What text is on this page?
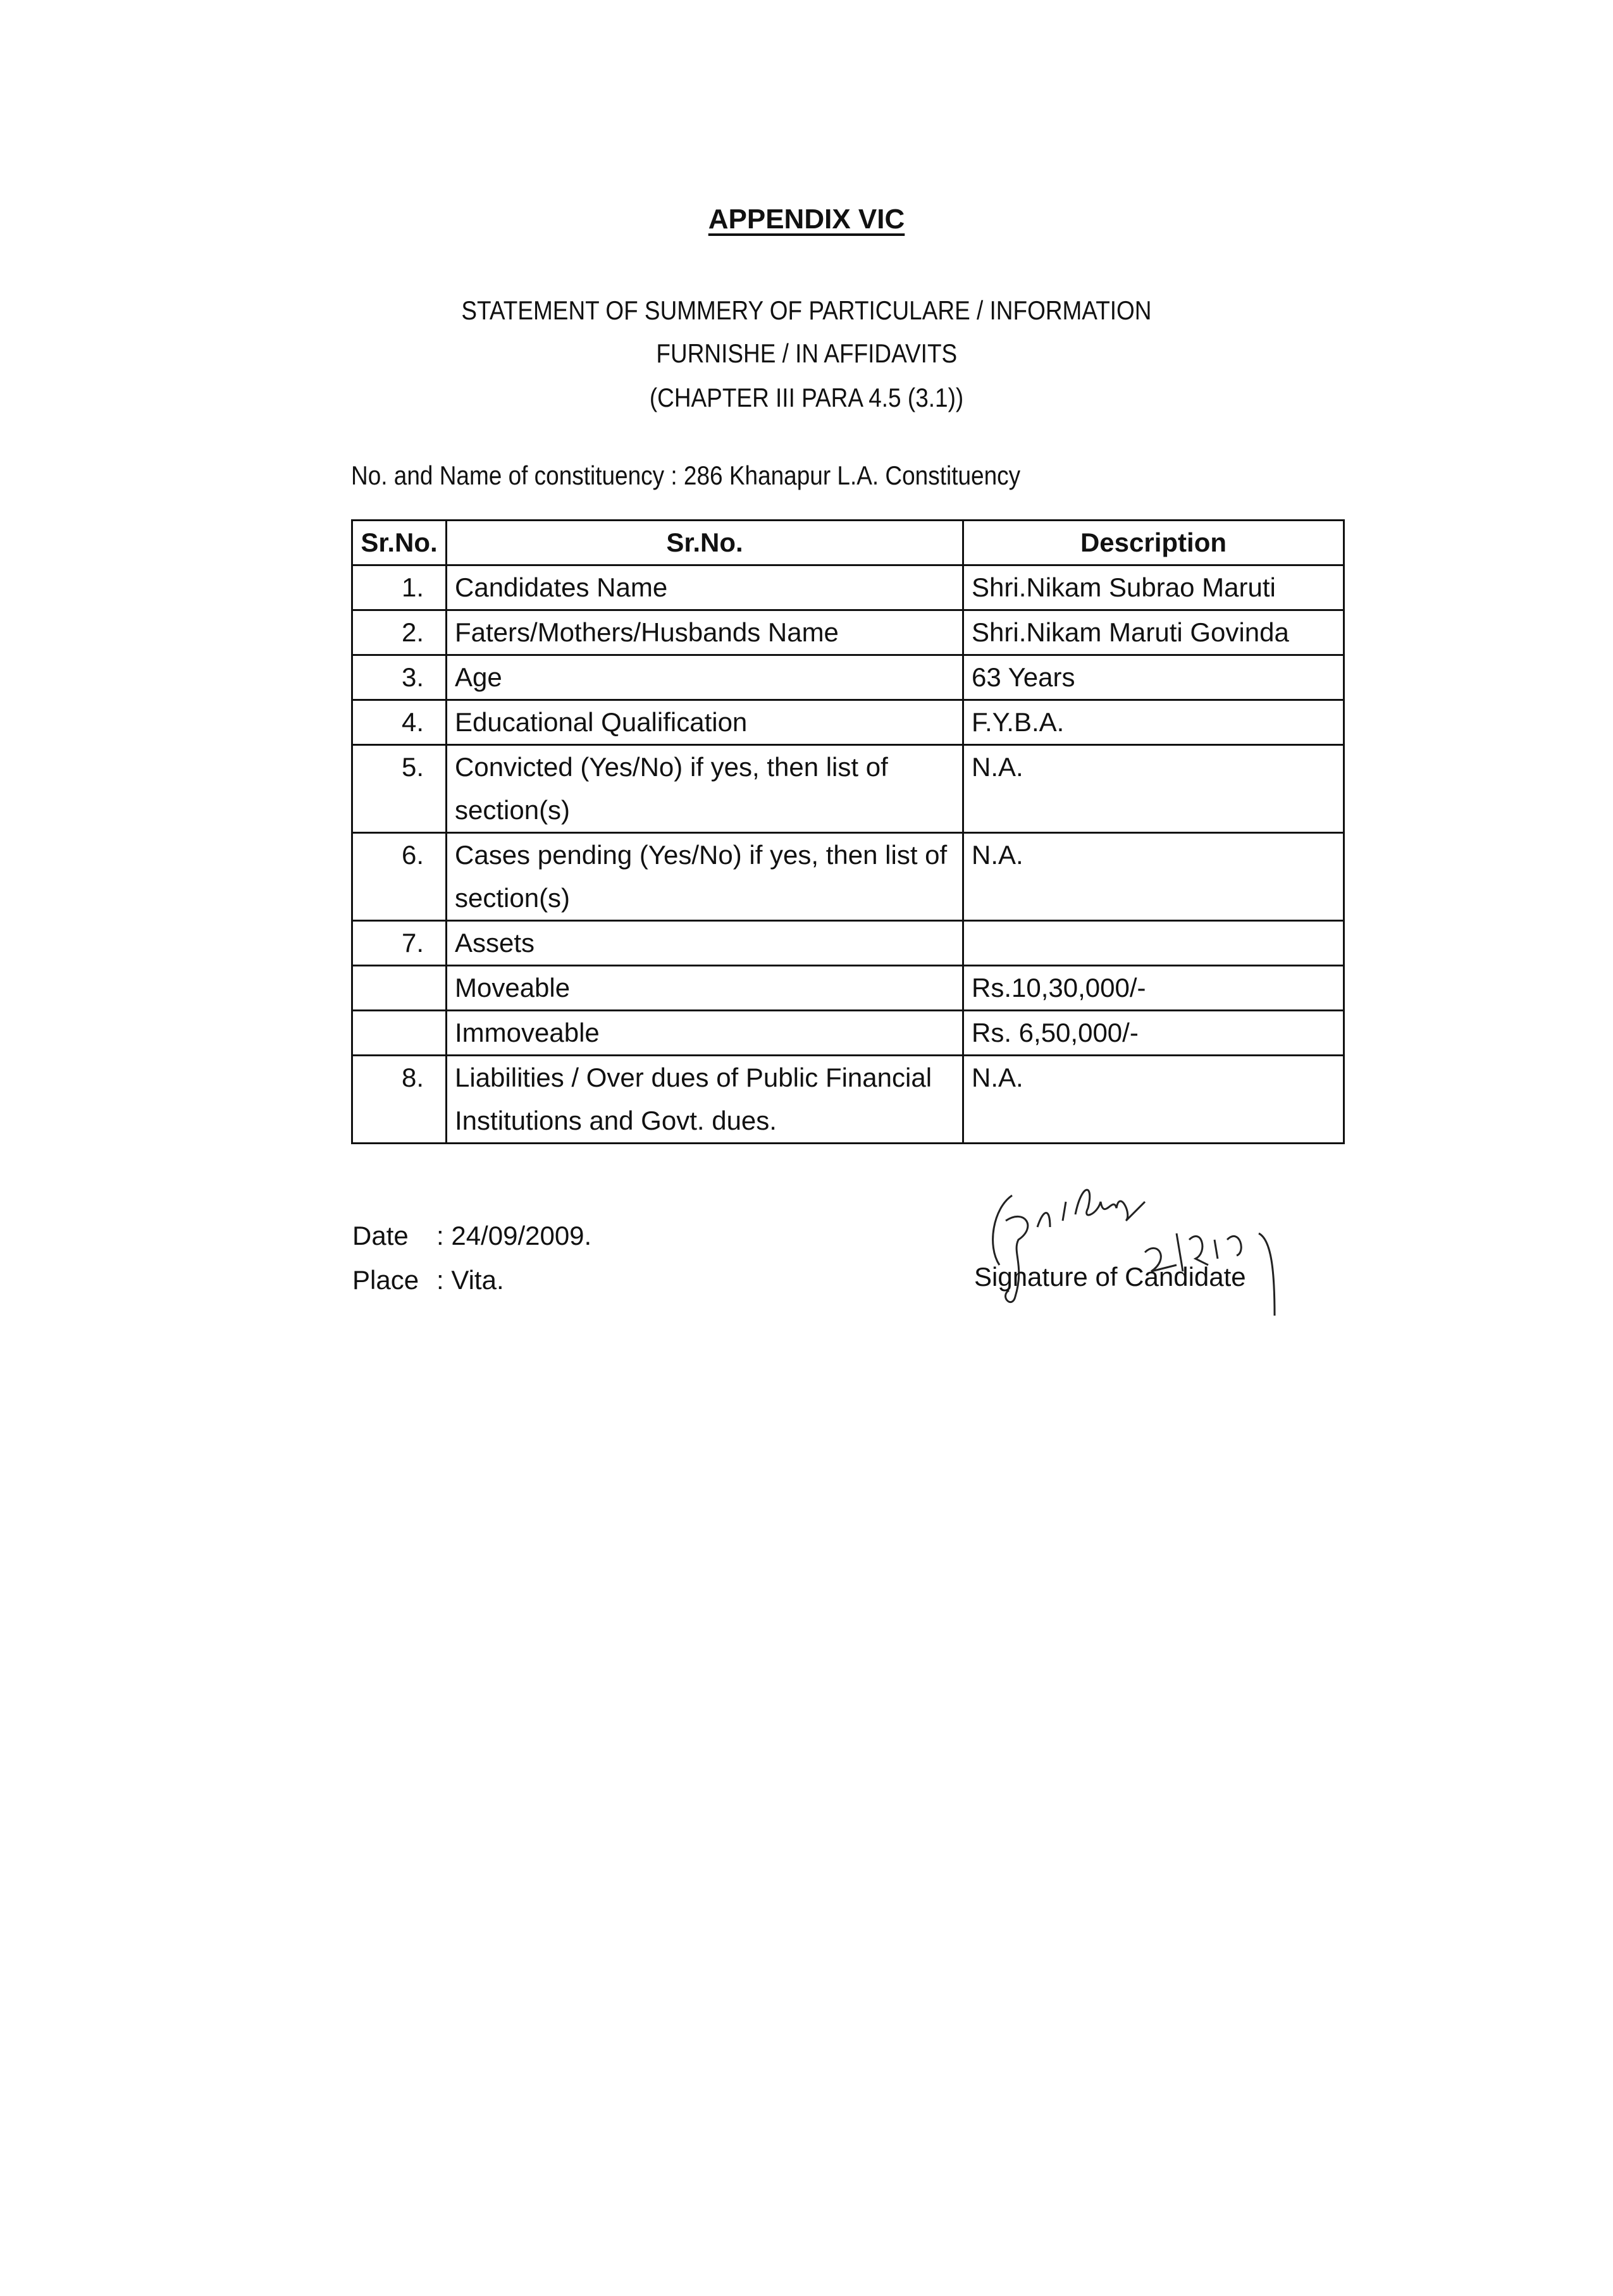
APPENDIX VIC
STATEMENT OF SUMMERY OF PARTICULARE / INFORMATION
FURNISHE / IN AFFIDAVITS
(CHAPTER III PARA 4.5 (3.1))
No. and Name of constituency : 286 Khanapur L.A. Constituency
Sr.No.	Sr.No.	Description
1.	Candidates Name	Shri.Nikam Subrao Maruti
2.	Faters/Mothers/Husbands Name	Shri.Nikam Maruti Govinda
3.	Age	63 Years
4.	Educational Qualification	F.Y.B.A.
5.	Convicted (Yes/No) if yes, then list of section(s)	N.A.
6.	Cases pending (Yes/No) if yes, then list of section(s)	N.A.
7.	Assets	
	Moveable	Rs.10,30,000/-
	Immoveable	Rs. 6,50,000/-
8.	Liabilities / Over dues of Public Financial Institutions and Govt. dues.	N.A.
Date : 24/09/2009.
Place : Vita.	Signature of Candidate
